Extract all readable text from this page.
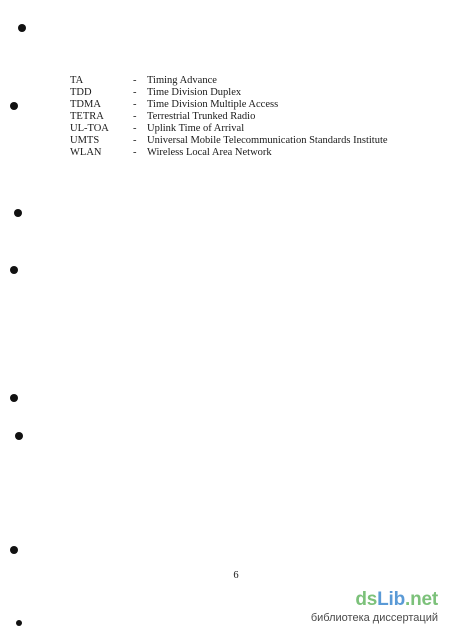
TA	-	Timing Advance
TDD	-	Time Division Duplex
TDMA	-	Time Division Multiple Access
TETRA	-	Terrestrial Trunked Radio
UL-TOA	-	Uplink Time of Arrival
UMTS	-	Universal Mobile Telecommunication Standards Institute
WLAN	-	Wireless Local Area Network
6
dsLib.net
библиотека диссертаций
